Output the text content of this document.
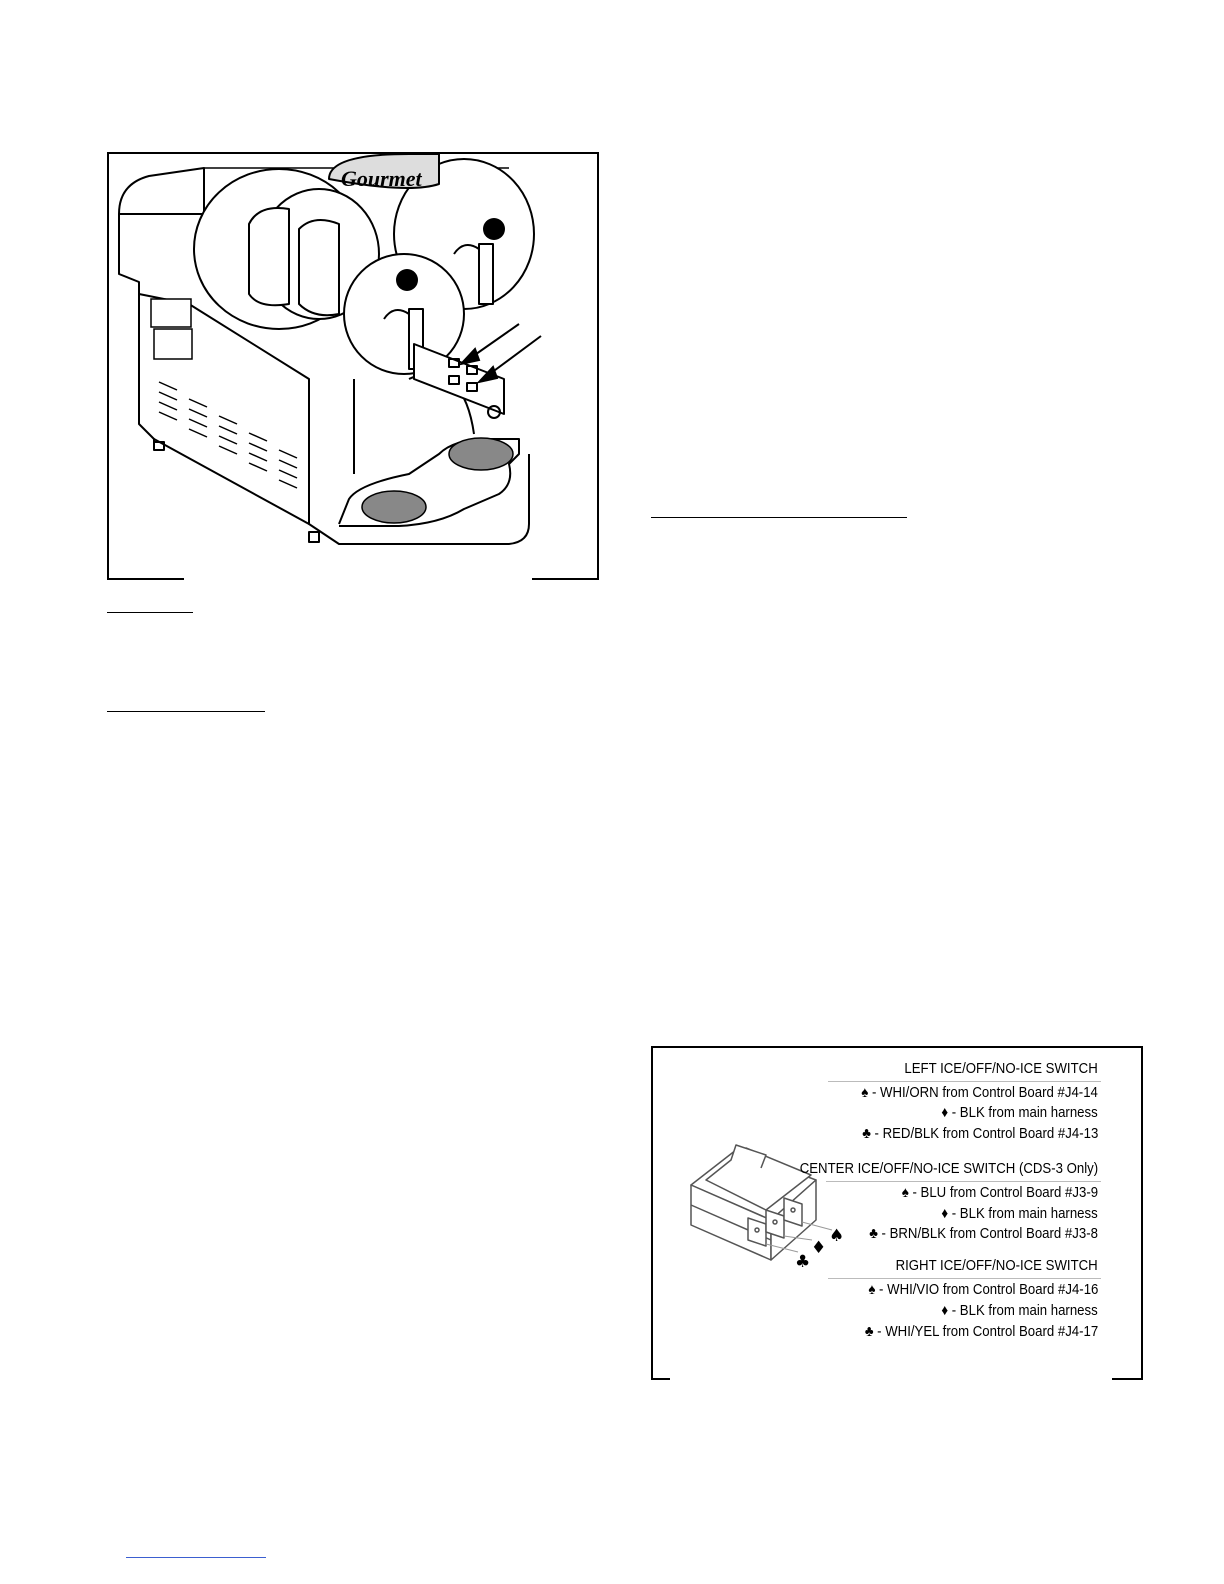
Gourmet
♣
♦
♠
LEFT ICE/OFF/NO-ICE SWITCH
♠ - WHI/ORN from Control Board #J4-14
♦ - BLK from main harness
♣ - RED/BLK from Control Board #J4-13
CENTER ICE/OFF/NO-ICE SWITCH (CDS-3 Only)
♠ - BLU from Control Board #J3-9
♦ - BLK from main harness
♣ - BRN/BLK from Control Board #J3-8
RIGHT ICE/OFF/NO-ICE SWITCH
♠ - WHI/VIO from Control Board #J4-16
♦ - BLK from main harness
♣ - WHI/YEL from Control Board #J4-17
